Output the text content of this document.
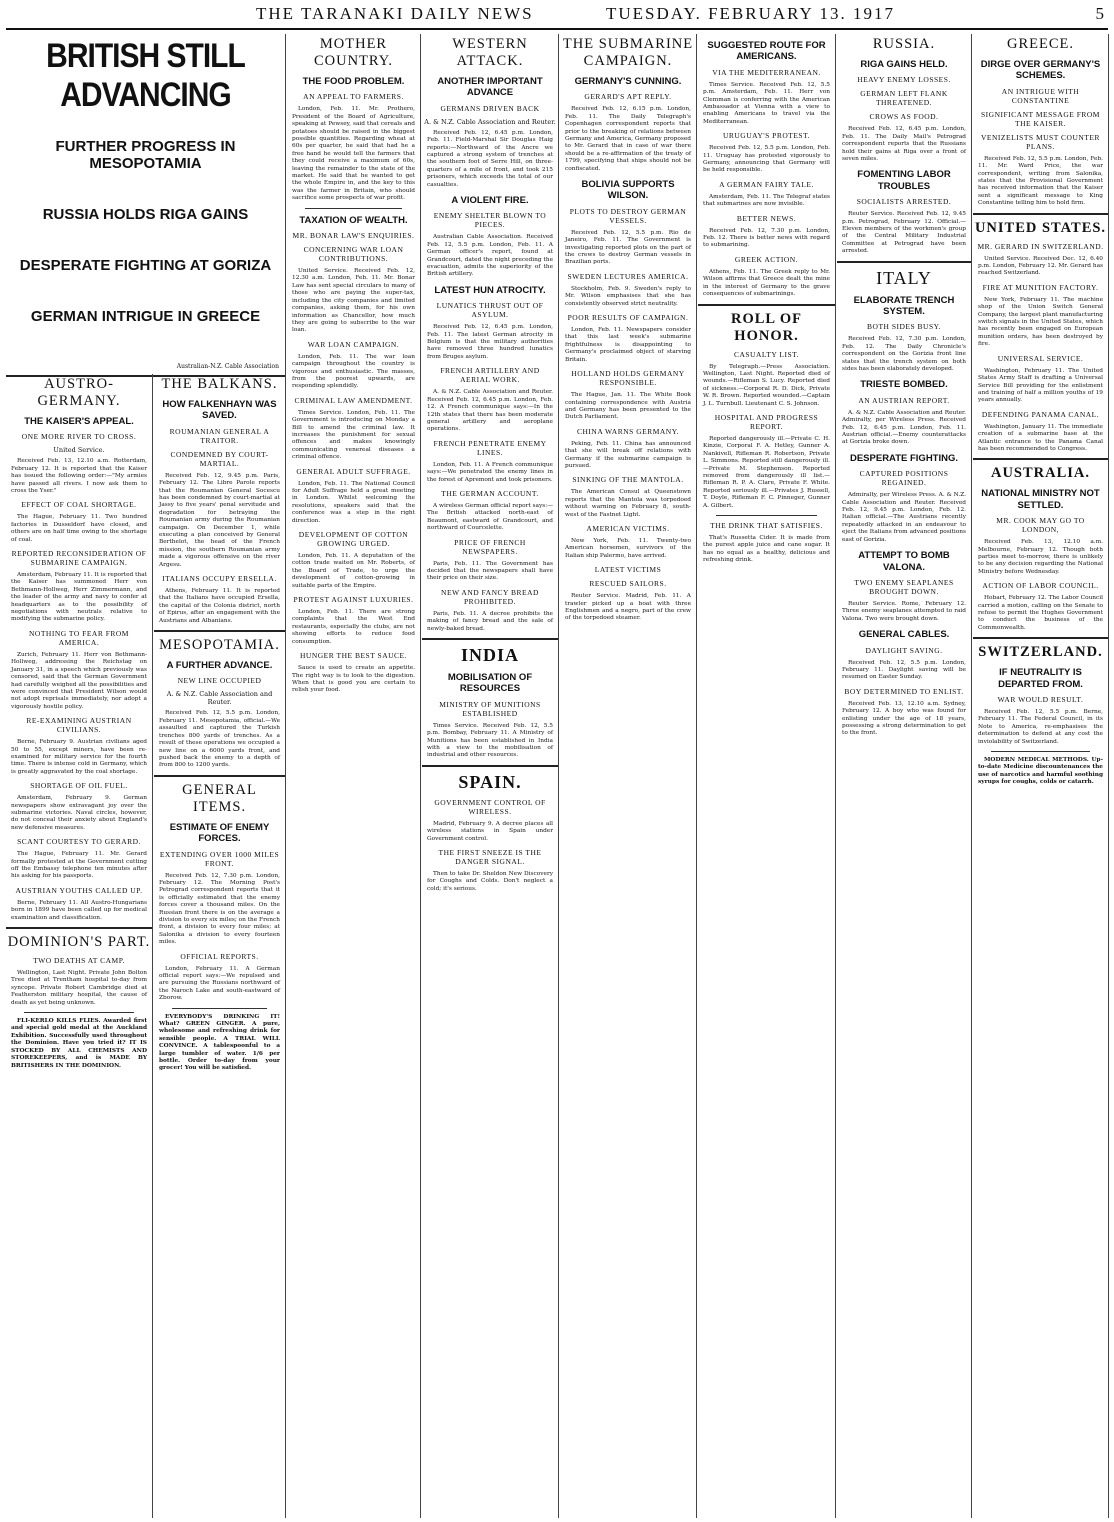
THE TARANAKI DAILY NEWS	TUESDAY. FEBRUARY 13. 1917	5
BRITISH STILL ADVANCING
FURTHER PROGRESS IN MESOPOTAMIA
RUSSIA HOLDS RIGA GAINS
DESPERATE FIGHTING AT GORIZA
GERMAN INTRIGUE IN GREECE
Australian-N.Z. Cable Association
AUSTRO-GERMANY.
THE KAISER'S APPEAL.
ONE MORE RIVER TO CROSS.
United Service.

Received Feb. 13, 12.10 a.m. Rotterdam, February 12. It is reported that the Kaiser has issued the following order:—"My armies have passed all rivers. I now ask them to cross the Yser."

EFFECT OF COAL SHORTAGE.

The Hague, February 11. Two hundred factories in Dusseldorf have closed, and others are on half time owing to the shortage of coal.

REPORTED RECONSIDERATION OF SUBMARINE CAMPAIGN.

Amsterdam, February 11. It is reported that the Kaiser has summoned Herr von Bethmann-Hollweg, Herr Zimmermann, and the leader of the army and navy to confer at headquarters as to the possibility of negotiations with neutrals relative to modifying the submarine policy.

NOTHING TO FEAR FROM AMERICA.

Zurich, February 11. Herr von Bethmann-Hollweg, addressing the Reichstag on January 31, in a speech which previously was censored, said that the German Government had carefully weighed all the possibilities and were convinced that President Wilson would not adopt reprisals immediately, nor adopt a vigorously hostile policy.

RE-EXAMINING AUSTRIAN CIVILIANS.

Berne, February 9. Austrian civilians aged 50 to 55, except miners, have been re-examined for military service for the fourth time. There is intense cold in Germany, which is greatly aggravated by the coal shortage.

SHORTAGE OF OIL FUEL.

Amsterdam, February 9. German newspapers show extravagant joy over the submarine victories. Naval circles, however, do not conceal their anxiety about England's new defensive measures.

SCANT COURTESY TO GERARD.

The Hague, February 11. Mr. Gerard formally protested at the Government cutting off the Embassy telephone ten minutes after his asking for his passports.

AUSTRIAN YOUTHS CALLED UP.

Berne, February 11. All Austro-Hungarians born in 1899 have been called up for medical examination and classification.

DOMINION'S PART.
TWO DEATHS AT CAMP.

Wellington, Last Night. Private John Bolton Tree died at Trentham hospital to-day from syncope. Private Robert Cambridge died at Featherston military hospital, the cause of death as yet being unknown.

FLI-KERLO KILLS FLIES. Awarded first and special gold medal at the Auckland Exhibition. Successfully used throughout the Dominion. Have you tried it? IT IS STOCKED BY ALL CHEMISTS AND STOREKEEPERS, and is MADE BY BRITISHERS IN THE DOMINION.

THE BALKANS.
HOW FALKENHAYN WAS SAVED.
ROUMANIAN GENERAL A TRAITOR.
CONDEMNED BY COURT-MARTIAL.

Received Feb. 12, 9.45 p.m. Paris, February 12. The Libre Parole reports that the Roumanian General Socescu has been condemned by court-martial at Jassy to five years' penal servitude and degradation for betraying the Roumanian army during the Roumanian campaign. On December 1, while executing a plan conceived by General Berthelot, the head of the French mission, the southern Roumanian army made a vigorous offensive on the river Argesu.

ITALIANS OCCUPY ERSELLA.

Athens, February 11. It is reported that the Italians have occupied Ersella, the capital of the Colonia district, north of Epirus, after an engagement with the Austrians and Albanians.

MESOPOTAMIA.
A FURTHER ADVANCE.
NEW LINE OCCUPIED
A. & N.Z. Cable Association and Reuter.

Received Feb. 12, 5.5 p.m. London, February 11. Mesopotamia, official.—We assaulted and captured the Turkish trenches 800 yards of trenches. As a result of these operations we occupied a new line on a 6000 yards front, and pushed back the enemy to a depth of from 800 to 1200 yards.

GENERAL ITEMS.
ESTIMATE OF ENEMY FORCES.
EXTENDING OVER 1000 MILES FRONT.

Received Feb. 12, 7.30 p.m. London, February 12. The Morning Post's Petrograd correspondent reports that it is officially estimated that the enemy forces cover a thousand miles. On the Russian front there is on the average a division to every six miles; on the French front, a division to every four miles; at Salonika a division to every fourteen miles.

OFFICIAL REPORTS.

London, February 11. A German official report says:—We repulsed and are pursuing the Russians northward of the Naroch Lake and south-eastward of Zborow.

EVERYBODY'S DRINKING IT! What? GREEN GINGER. A pure, wholesome and refreshing drink for sensible people. A TRIAL WILL CONVINCE. A tablespoonful to a large tumbler of water. 1/6 per bottle. Order to-day from your grocer! You will be satisfied.

MOTHER COUNTRY.
THE FOOD PROBLEM.
AN APPEAL TO FARMERS.

London, Feb. 11. Mr. Prothero, President of the Board of Agriculture, speaking at Pewsey, said that cereals and potatoes should be raised in the biggest possible quantities. Regarding wheat at 60s per quarter, he said that had he a free hand he would tell the farmers that they could receive a maximum of 60s, leaving the remainder to the state of the market. He said that he wanted to get the whole Empire in, and the key to this was the farmer in Britain, who should sacrifice some prospects of war profit.

TAXATION OF WEALTH.
MR. BONAR LAW'S ENQUIRIES.
CONCERNING WAR LOAN CONTRIBUTIONS.

United Service. Received Feb. 12, 12.30 a.m. London, Feb. 11. Mr. Bonar Law has sent special circulars to many of those who are paying the super-tax, including the city companies and limited companies, asking them, for his own information as Chancellor, how much they are going to subscribe to the war loan.

WAR LOAN CAMPAIGN.

London, Feb. 11. The war loan campaign throughout the country is vigorous and enthusiastic. The masses, from the poorest upwards, are responding splendidly.

CRIMINAL LAW AMENDMENT.

Times Service. London, Feb. 11. The Government is introducing on Monday a Bill to amend the criminal law. It increases the punishment for sexual offences and makes knowingly communicating venereal diseases a criminal offence.

GENERAL ADULT SUFFRAGE.

London, Feb. 11. The National Council for Adult Suffrage held a great meeting in London. Whilst welcoming the resolutions, speakers said that the conference was a step in the right direction.

DEVELOPMENT OF COTTON GROWING URGED.

London, Feb. 11. A deputation of the cotton trade waited on Mr. Roberts, of the Board of Trade, to urge the development of cotton-growing in suitable parts of the Empire.

PROTEST AGAINST LUXURIES.

London, Feb. 11. There are strong complaints that the West End restaurants, especially the clubs, are not showing efforts to reduce food consumption.

HUNGER THE BEST SAUCE.

Sauce is used to create an appetite. The right way is to look to the digestion. When that is good you are certain to relish your food.

WESTERN ATTACK.
ANOTHER IMPORTANT ADVANCE
GERMANS DRIVEN BACK
A. & N.Z. Cable Association and Reuter.

Received Feb. 12, 6.45 p.m. London, Feb. 11. Field-Marshal Sir Douglas Haig reports:—Northward of the Ancre we captured a strong system of trenches at the southern foot of Serre Hill, on three-quarters of a mile of front, and took 215 prisoners, which exceeds the total of our casualties.

A VIOLENT FIRE.
ENEMY SHELTER BLOWN TO PIECES.

Australian Cable Association. Received Feb. 12, 5.5 p.m. London, Feb. 11. A German officer's report, found at Grandcourt, dated the night preceding the evacuation, admits the superiority of the British artillery.

LATEST HUN ATROCITY.
LUNATICS THRUST OUT OF ASYLUM.

Received Feb. 12, 6.45 p.m. London, Feb. 11. The latest German atrocity in Belgium is that the military authorities have removed three hundred lunatics from Bruges asylum.

FRENCH ARTILLERY AND AERIAL WORK.

A. & N.Z. Cable Association and Reuter. Received Feb. 12, 6.45 p.m. London, Feb. 12. A French communique says:—In the 12th states that there has been moderate general artillery and aeroplane operations.

FRENCH PENETRATE ENEMY LINES.

London, Feb. 11. A French communique says:—We penetrated the enemy lines in the forest of Apremont and took prisoners.

THE GERMAN ACCOUNT.

A wireless German official report says:—The British attacked north-east of Beaumont, eastward of Grandcourt, and northward of Courcelette.

PRICE OF FRENCH NEWSPAPERS.

Paris, Feb. 11. The Government has decided that the newspapers shall have their price on their size.

NEW AND FANCY BREAD PROHIBITED.

Paris, Feb. 11. A decree prohibits the making of fancy bread and the sale of newly-baked bread.

INDIA
MOBILISATION OF RESOURCES
MINISTRY OF MUNITIONS ESTABLISHED

Times Service. Received Feb. 12, 5.5 p.m. Bombay, February 11. A Ministry of Munitions has been established in India with a view to the mobilisation of industrial and other resources.

SPAIN.
GOVERNMENT CONTROL OF WIRELESS.

Madrid, February 9. A decree places all wireless stations in Spain under Government control.

THE FIRST SNEEZE IS THE DANGER SIGNAL.

Then to take Dr. Sheldon New Discovery for Coughs and Colds. Don't neglect a cold; it's serious.

THE SUBMARINE CAMPAIGN.
GERMANY'S CUNNING.
GERARD'S APT REPLY.

Received Feb. 12, 6.15 p.m. London, Feb. 11. The Daily Telegraph's Copenhagen correspondent reports that prior to the breaking of relations between Germany and America, Germany proposed to Mr. Gerard that in case of war there should be a re-affirmation of the treaty of 1799, specifying that ships should not be confiscated.

BOLIVIA SUPPORTS WILSON.
PLOTS TO DESTROY GERMAN VESSELS.

Received Feb. 12, 5.5 p.m. Rio de Janeiro, Feb. 11. The Government is investigating reported plots on the part of the crews to destroy German vessels in Brazilian ports.

SWEDEN LECTURES AMERICA.

Stockholm, Feb. 9. Sweden's reply to Mr. Wilson emphasises that she has consistently observed strict neutrality.

POOR RESULTS OF CAMPAIGN.

London, Feb. 11. Newspapers consider that this last week's submarine frightfulness is disappointing to Germany's proclaimed object of starving Britain.

HOLLAND HOLDS GERMANY RESPONSIBLE.

The Hague, Jan. 11. The White Book containing correspondence with Austria and Germany has been presented to the Dutch Parliament.

CHINA WARNS GERMANY.

Peking, Feb. 11. China has announced that she will break off relations with Germany if the submarine campaign is pursued.

SINKING OF THE MANTOLA.

The American Consul at Queenstown reports that the Mantola was torpedoed without warning on February 8, south-west of the Fastnet Light.

AMERICAN VICTIMS.

New York, Feb. 11. Twenty-two American horsemen, survivors of the Italian ship Palermo, have arrived.

LATEST VICTIMS
RESCUED SAILORS.

Reuter Service. Madrid, Feb. 11. A trawler picked up a boat with three Englishmen and a negro, part of the crew of the torpedoed steamer.

SUGGESTED ROUTE FOR AMERICANS.
VIA THE MEDITERRANEAN.

Times Service. Received Feb. 12, 5.5 p.m. Amsterdam, Feb. 11. Herr von Clemman is conferring with the American Ambassador at Vienna with a view to enabling Americans to travel via the Mediterranean.

URUGUAY'S PROTEST.

Received Feb. 12, 5.5 p.m. London, Feb. 11. Uruguay has protested vigorously to Germany, announcing that Germany will be held responsible.

A GERMAN FAIRY TALE.

Amsterdam, Feb. 11. The Telegraf states that submarines are now invisible.

BETTER NEWS.

Received Feb. 12, 7.30 p.m. London, Feb. 12. There is better news with regard to submarining.

GREEK ACTION.

Athens, Feb. 11. The Greek reply to Mr. Wilson affirms that Greece dealt the mine in the interest of Germany to the grave consequences of submarinings.

ROLL OF HONOR.
CASUALTY LIST.

By Telegraph.—Press Association. Wellington, Last Night. Reported died of wounds.—Rifleman S. Lucy. Reported died of sickness.—Corporal R. D. Dick, Private W. R. Brown. Reported wounded.—Captain J. L. Turnbull. Lieutenant C. S. Johnson.

HOSPITAL AND PROGRESS REPORT.

Reported dangerously ill.—Private C. H. Kinzie, Corporal F. A. Hetley, Gunner A. Nankivell, Rifleman R. Robertson, Private L. Simmons. Reported still dangerously ill.—Private M. Stephenson. Reported removed from dangerously ill list.—Rifleman R. P. A. Clare, Private F. White. Reported seriously ill.—Privates J. Russell, T. Doyle, Rifleman F. C. Pinneger, Gunner A. Gilbert.

THE DRINK THAT SATISFIES.

That's Russetta Cider. It is made from the purest apple juice and cane sugar. It has no equal as a healthy, delicious and refreshing drink.

RUSSIA.
RIGA GAINS HELD.
HEAVY ENEMY LOSSES.
GERMAN LEFT FLANK THREATENED.
CROWS AS FOOD.

Received Feb. 12, 6.45 p.m. London, Feb. 11. The Daily Mail's Petrograd correspondent reports that the Russians hold their gains at Riga over a front of seven miles.

FOMENTING LABOR TROUBLES
SOCIALISTS ARRESTED.

Reuter Service. Received Feb. 12, 9.45 p.m. Petrograd, February 12. Official.—Eleven members of the workmen's group of the Central Military Industrial Committee at Petrograd have been arrested.

ITALY
ELABORATE TRENCH SYSTEM.
BOTH SIDES BUSY.

Received Feb. 12, 7.30 p.m. London, Feb. 12. The Daily Chronicle's correspondent on the Gorizia front line states that the trench system on both sides has been elaborately developed.

TRIESTE BOMBED.
AN AUSTRIAN REPORT.

A. & N.Z. Cable Association and Reuter. Admiralty, per Wireless Press. Received Feb. 12, 6.45 p.m. London, Feb. 11. Austrian official.—Enemy counterattacks at Gorizia broke down.

DESPERATE FIGHTING.
CAPTURED POSITIONS REGAINED.

Admiralty, per Wireless Press. A. & N.Z. Cable Association and Reuter. Received Feb. 12, 9.45 p.m. London, Feb. 12. Italian official.—The Austrians recently repeatedly attacked in an endeavour to eject the Italians from advanced positions east of Gorizia.

ATTEMPT TO BOMB VALONA.
TWO ENEMY SEAPLANES BROUGHT DOWN.

Reuter Service. Rome, February 12. Three enemy seaplanes attempted to raid Valona. Two were brought down.

GENERAL CABLES.
DAYLIGHT SAVING.

Received Feb. 12, 5.5 p.m. London, February 11. Daylight saving will be resumed on Easter Sunday.

BOY DETERMINED TO ENLIST.

Received Feb. 13, 12.10 a.m. Sydney, February 12. A boy who was found for enlisting under the age of 18 years, possessing a strong determination to get to the front.

GREECE.
DIRGE OVER GERMANY'S SCHEMES.
AN INTRIGUE WITH CONSTANTINE
SIGNIFICANT MESSAGE FROM THE KAISER.
VENIZELISTS MUST COUNTER PLANS.

Received Feb. 12, 5.5 p.m. London, Feb. 11. Mr. Ward Price, the war correspondent, writing from Salonika, states that the Provisional Government has received information that the Kaiser sent a significant message to King Constantine telling him to hold firm.

UNITED STATES.
MR. GERARD IN SWITZERLAND.

United Service. Received Dec. 12, 6.40 p.m. London, February 12. Mr. Gerard has reached Switzerland.

FIRE AT MUNITION FACTORY.

New York, February 11. The machine shop of the Union Switch General Company, the largest plant manufacturing switch signals in the United States, which has recently been engaged on European munition orders, has been destroyed by fire.

UNIVERSAL SERVICE.

Washington, February 11. The United States Army Staff is drafting a Universal Service Bill providing for the enlistment and training of half a million youths of 19 years annually.

DEFENDING PANAMA CANAL.

Washington, January 11. The immediate creation of a submarine base at the Atlantic entrance to the Panama Canal has been recommended to Congress.

AUSTRALIA.
NATIONAL MINISTRY NOT SETTLED.
MR. COOK MAY GO TO LONDON,

Received Feb. 13, 12.10 a.m. Melbourne, February 12. Though both parties meet to-morrow, there is unlikely to be any decision regarding the National Ministry before Wednesday.

ACTION OF LABOR COUNCIL.

Hobart, February 12. The Labor Council carried a motion, calling on the Senate to refuse to permit the Hughes Government to conduct the business of the Commonwealth.

SWITZERLAND.
IF NEUTRALITY IS DEPARTED FROM.
WAR WOULD RESULT.

Received Feb. 12, 5.5 p.m. Berne, February 11. The Federal Council, in its Note to America, re-emphasises the determination to defend at any cost the inviolability of Switzerland.

MODERN MEDICAL METHODS. Up-to-date Medicine discountenances the use of narcotics and harmful soothing syrups for coughs, colds or catarrh.
